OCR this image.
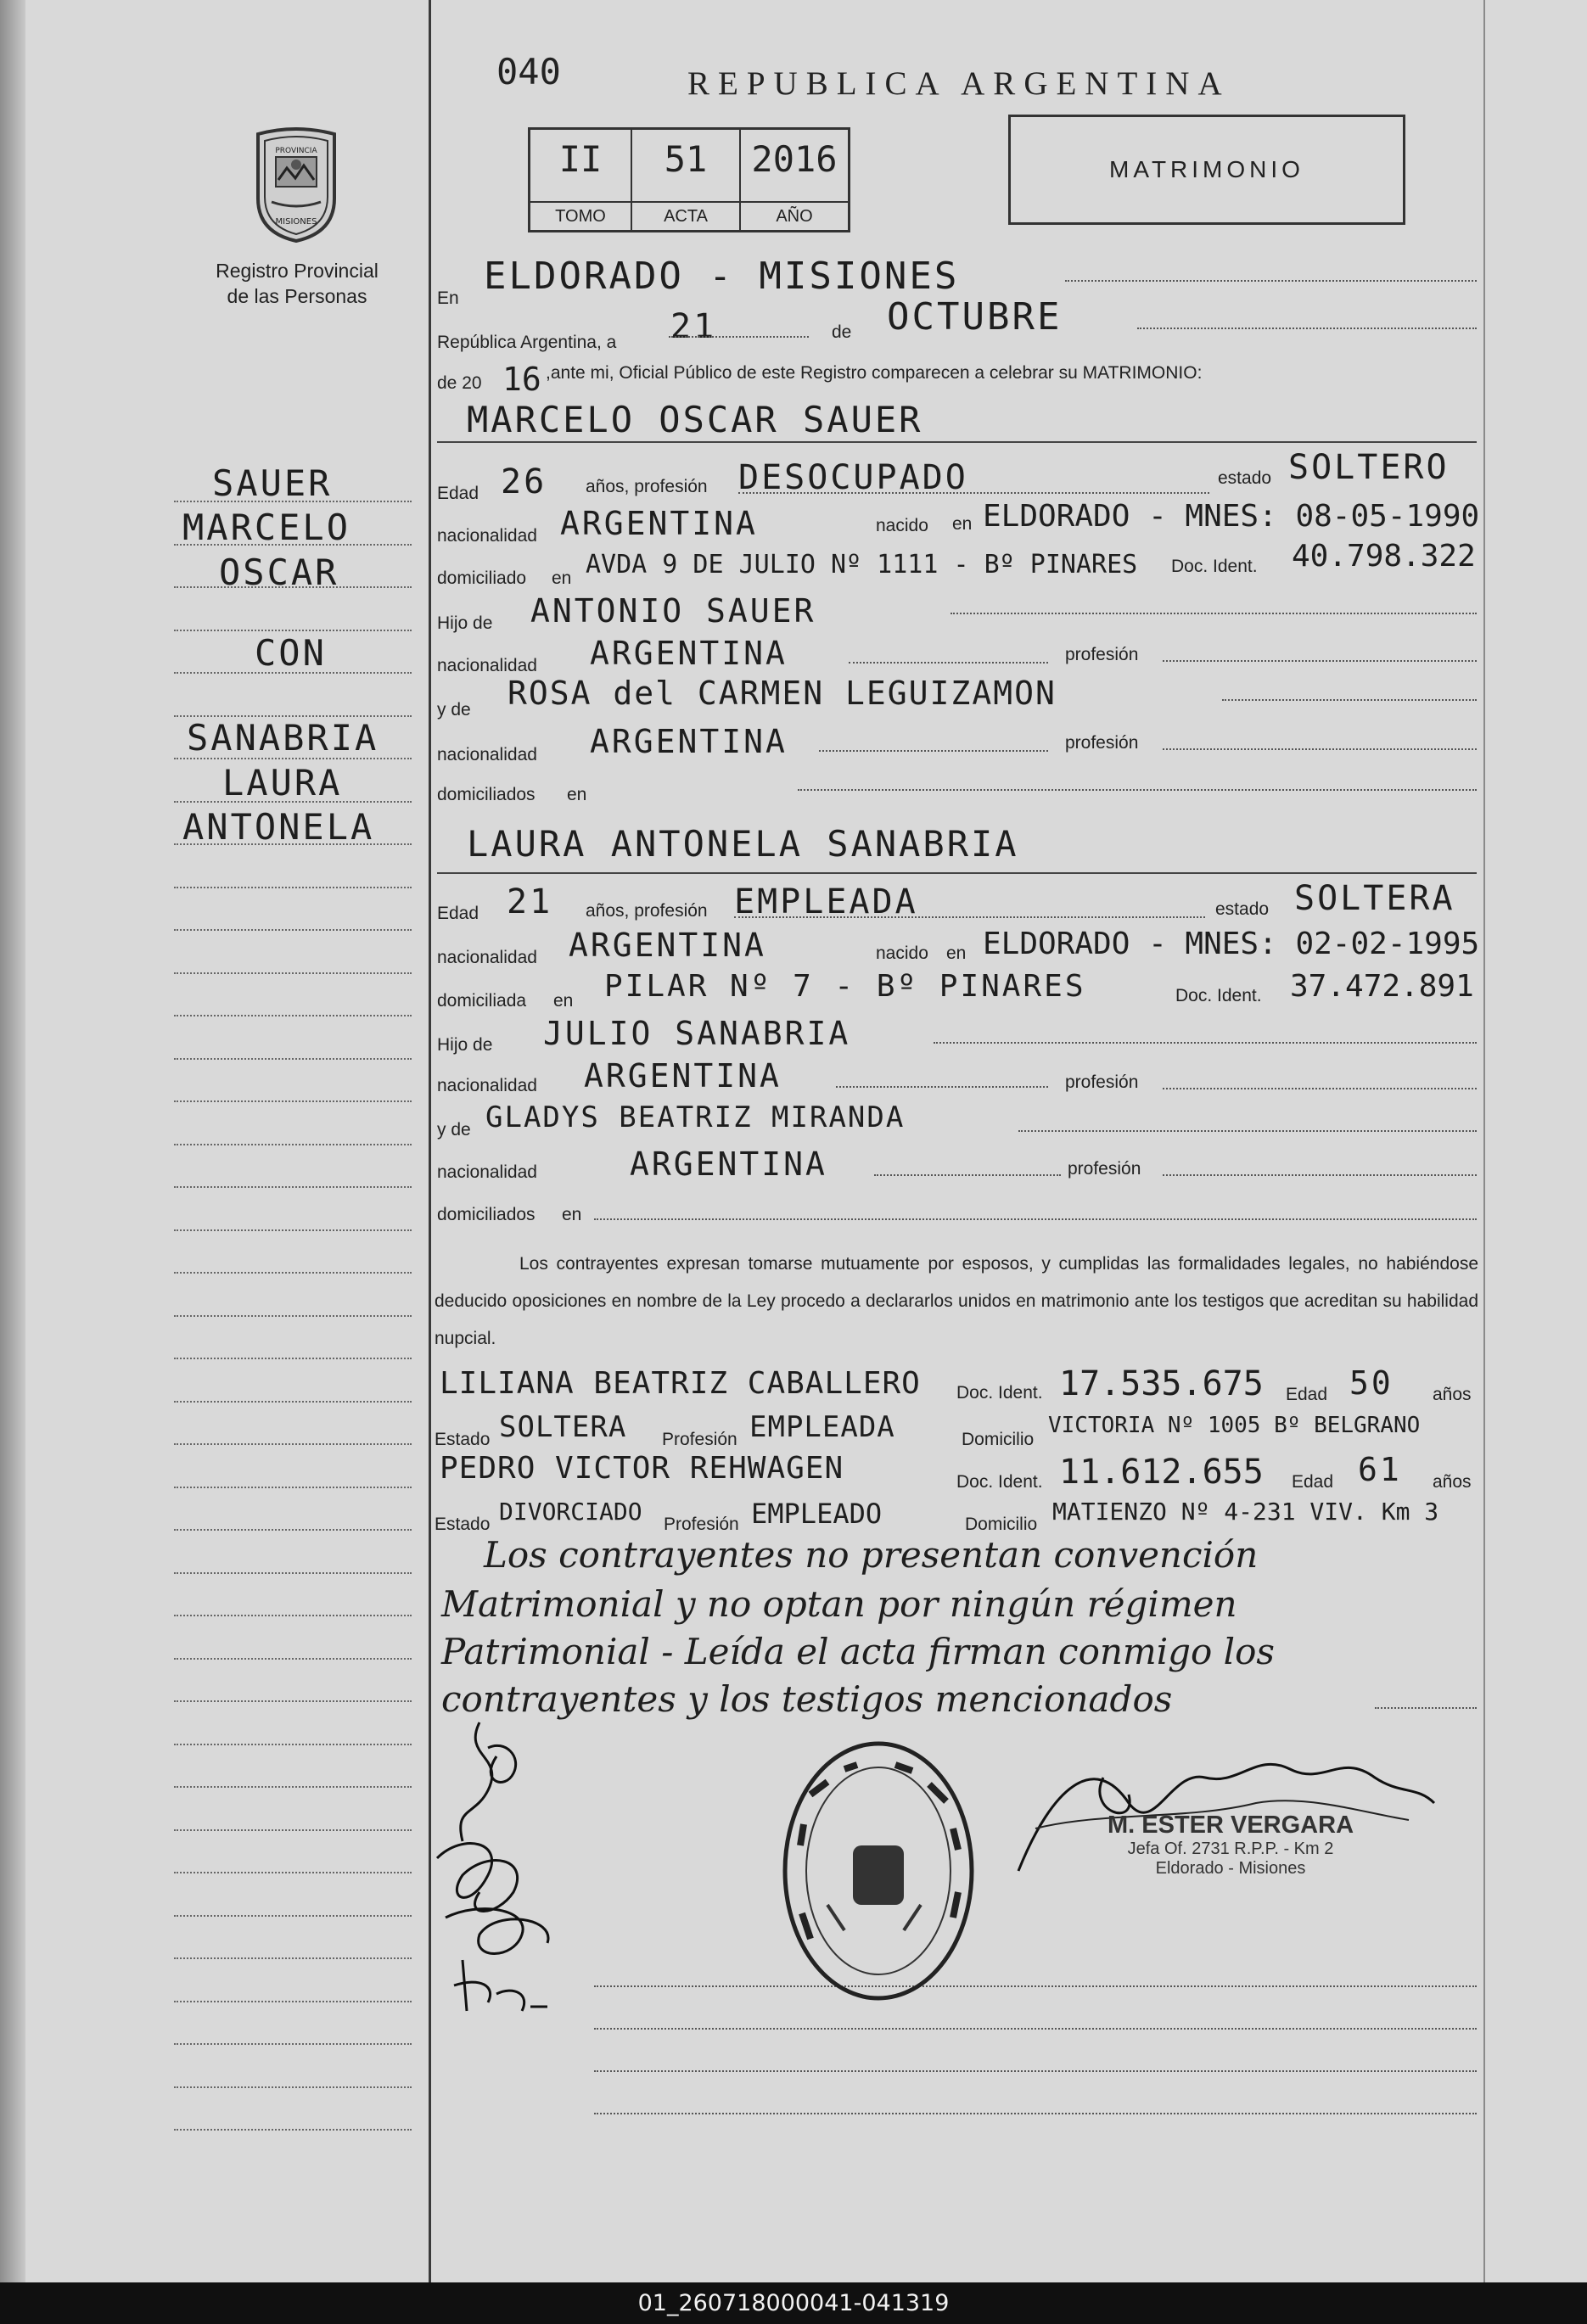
040	REPUBLICA ARGENTINA
II
TOMO
51
ACTA
2016
AÑO
MATRIMONIO
PROVINCIA
MISIONES
Registro Provincial
de las Personas
SAUER
MARCELO
OSCAR
CON
SANABRIA
LAURA
ANTONELA
En
ELDORADO - MISIONES
República Argentina, a 21	de OCTUBRE
de 20 16 ,ante mi, Oficial Público de este Registro comparecen a celebrar su MATRIMONIO:
MARCELO OSCAR SAUER
Edad 26 años, profesión DESOCUPADO	estado SOLTERO
nacionalidad ARGENTINA	nacido en ELDORADO - MNES: 08-05-1990
domiciliado en AVDA 9 DE JULIO Nº 1111 - Bº PINARES Doc. Ident. 40.798.322
Hijo de ANTONIO SAUER
nacionalidad ARGENTINA	profesión
y de ROSA del CARMEN LEGUIZAMON
nacionalidad ARGENTINA	profesión
domiciliados en
LAURA ANTONELA SANABRIA
Edad 21 años, profesión EMPLEADA	estado SOLTERA
nacionalidad ARGENTINA	nacido en ELDORADO - MNES: 02-02-1995
domiciliada en PILAR Nº 7 - Bº PINARES	Doc. Ident. 37.472.891
Hijo de JULIO SANABRIA
nacionalidad ARGENTINA	profesión
y de GLADYS BEATRIZ MIRANDA
nacionalidad	ARGENTINA	profesión
domiciliados en
Los contrayentes expresan tomarse mutuamente por esposos, y cumplidas las formalidades legales, no habiéndose deducido oposiciones en nombre de la Ley procedo a declararlos unidos en matrimonio ante los testigos que acreditan su habilidad nupcial.
LILIANA BEATRIZ CABALLERO Doc. Ident. 17.535.675 Edad 50 años
Estado SOLTERA Profesión EMPLEADA	Domicilio
VICTORIA Nº 1005 Bº BELGRANO
PEDRO VICTOR REHWAGEN	Doc. Ident. 11.612.655 Edad 61 años
Estado DIVORCIADO Profesión EMPLEADO	Domicilio MATIENZO Nº 4-231 VIV. Km 3
Los contrayentes no presentan convención
Matrimonial y no optan por ningún régimen
Patrimonial - Leída el acta firman conmigo los
contrayentes y los testigos mencionados
M. ESTER VERGARA
Jefa Of. 2731 R.P.P. - Km 2
Eldorado - Misiones
01_260718000041-041319
